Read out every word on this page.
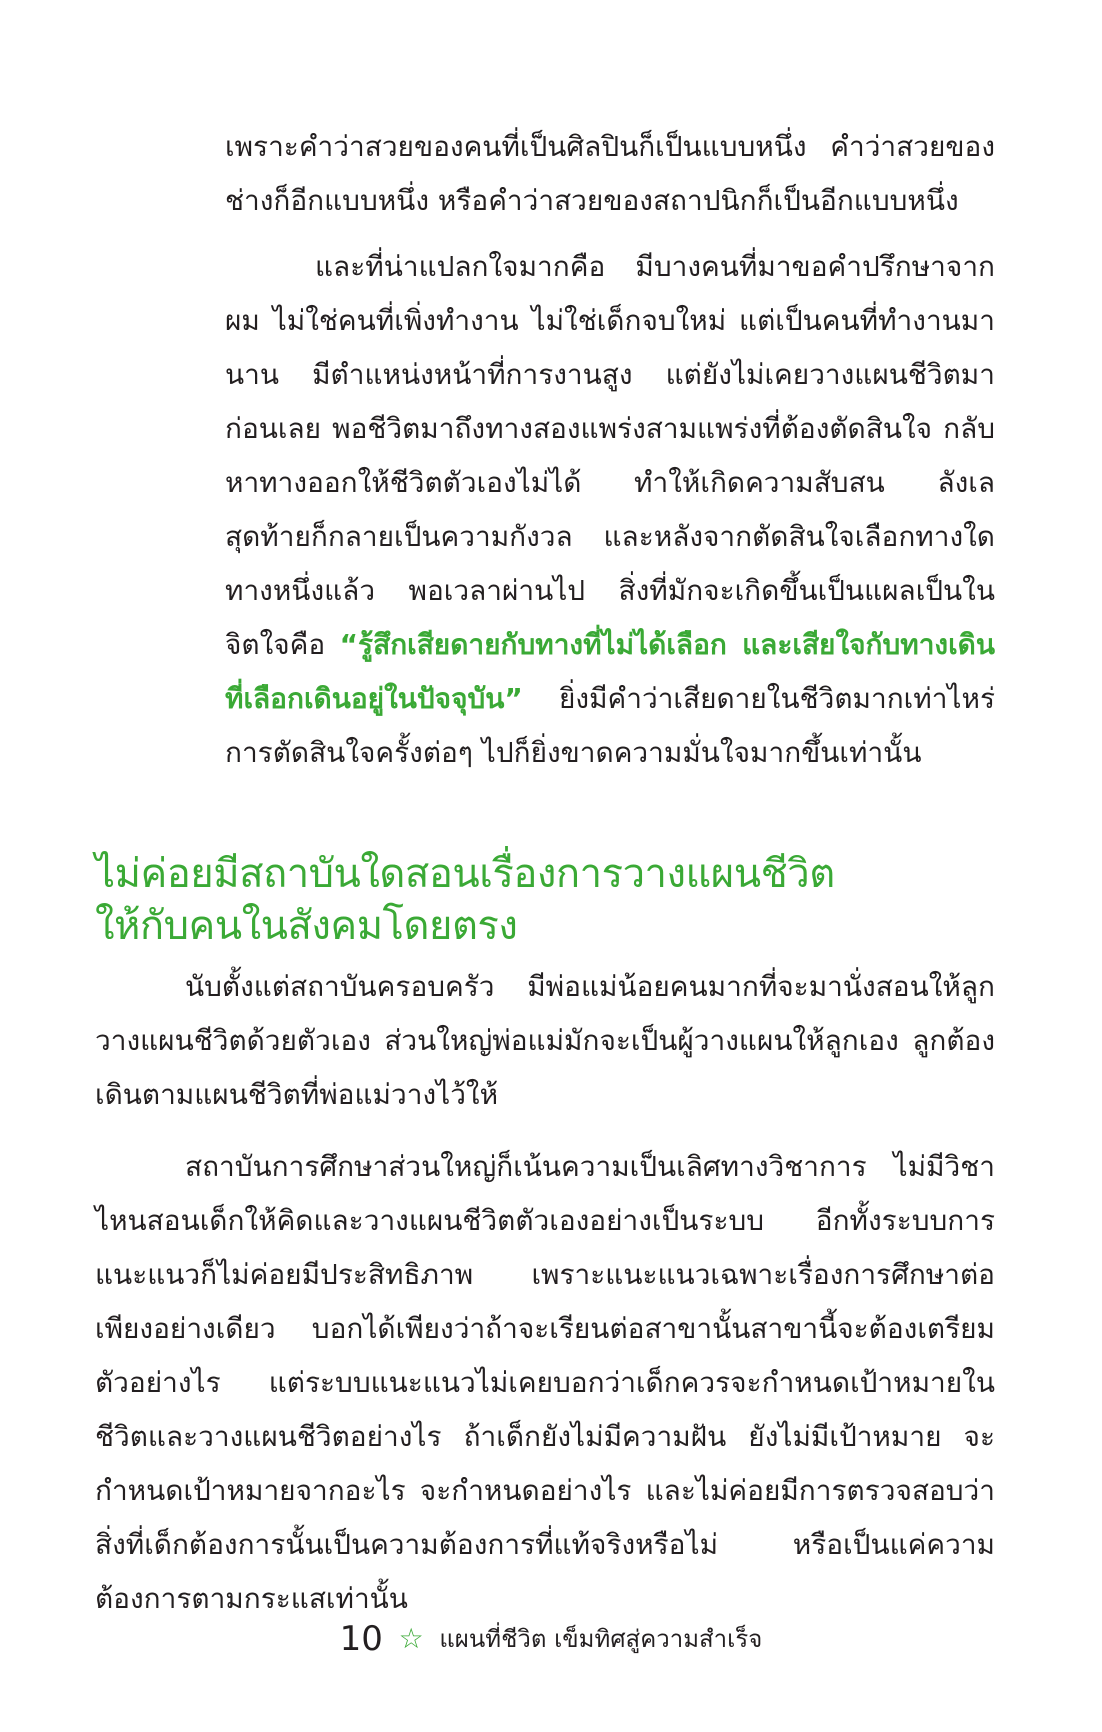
เพราะคำว่าสวยของคนที่เป็นศิลปินก็เป็นแบบหนึ่ง คำว่าสวยของช่างก็อีกแบบหนึ่ง หรือคำว่าสวยของสถาปนิกก็เป็นอีกแบบหนึ่ง

และที่น่าแปลกใจมากคือ มีบางคนที่มาขอคำปรึกษาจากผม ไม่ใช่คนที่เพิ่งทำงาน ไม่ใช่เด็กจบใหม่ แต่เป็นคนที่ทำงานมานาน มีตำแหน่งหน้าที่การงานสูง แต่ยังไม่เคยวางแผนชีวิตมาก่อนเลย พอชีวิตมาถึงทางสองแพร่งสามแพร่งที่ต้องตัดสินใจ กลับหาทางออกให้ชีวิตตัวเองไม่ได้ ทำให้เกิดความสับสน ลังเล สุดท้ายก็กลายเป็นความกังวล และหลังจากตัดสินใจเลือกทางใดทางหนึ่งแล้ว พอเวลาผ่านไป สิ่งที่มักจะเกิดขึ้นเป็นแผลเป็นในจิตใจคือ “รู้สึกเสียดายกับทางที่ไม่ได้เลือก และเสียใจกับทางเดินที่เลือกเดินอยู่ในปัจจุบัน” ยิ่งมีคำว่าเสียดายในชีวิตมากเท่าไหร่ การตัดสินใจครั้งต่อๆ ไปก็ยิ่งขาดความมั่นใจมากขึ้นเท่านั้น

ไม่ค่อยมีสถาบันใดสอนเรื่องการวางแผนชีวิต
ให้กับคนในสังคมโดยตรง

นับตั้งแต่สถาบันครอบครัว มีพ่อแม่น้อยคนมากที่จะมานั่งสอนให้ลูกวางแผนชีวิตด้วยตัวเอง ส่วนใหญ่พ่อแม่มักจะเป็นผู้วางแผนให้ลูกเอง ลูกต้องเดินตามแผนชีวิตที่พ่อแม่วางไว้ให้

สถาบันการศึกษาส่วนใหญ่ก็เน้นความเป็นเลิศทางวิชาการ ไม่มีวิชาไหนสอนเด็กให้คิดและวางแผนชีวิตตัวเองอย่างเป็นระบบ อีกทั้งระบบการแนะแนวก็ไม่ค่อยมีประสิทธิภาพ เพราะแนะแนวเฉพาะเรื่องการศึกษาต่อเพียงอย่างเดียว บอกได้เพียงว่าถ้าจะเรียนต่อสาขานั้นสาขานี้จะต้องเตรียมตัวอย่างไร แต่ระบบแนะแนวไม่เคยบอกว่าเด็กควรจะกำหนดเป้าหมายในชีวิตและวางแผนชีวิตอย่างไร ถ้าเด็กยังไม่มีความฝัน ยังไม่มีเป้าหมาย จะกำหนดเป้าหมายจากอะไร จะกำหนดอย่างไร และไม่ค่อยมีการตรวจสอบว่าสิ่งที่เด็กต้องการนั้นเป็นความต้องการที่แท้จริงหรือไม่ หรือเป็นแค่ความต้องการตามกระแสเท่านั้น

10 ☆ แผนที่ชีวิต เข็มทิศสู่ความสำเร็จ
